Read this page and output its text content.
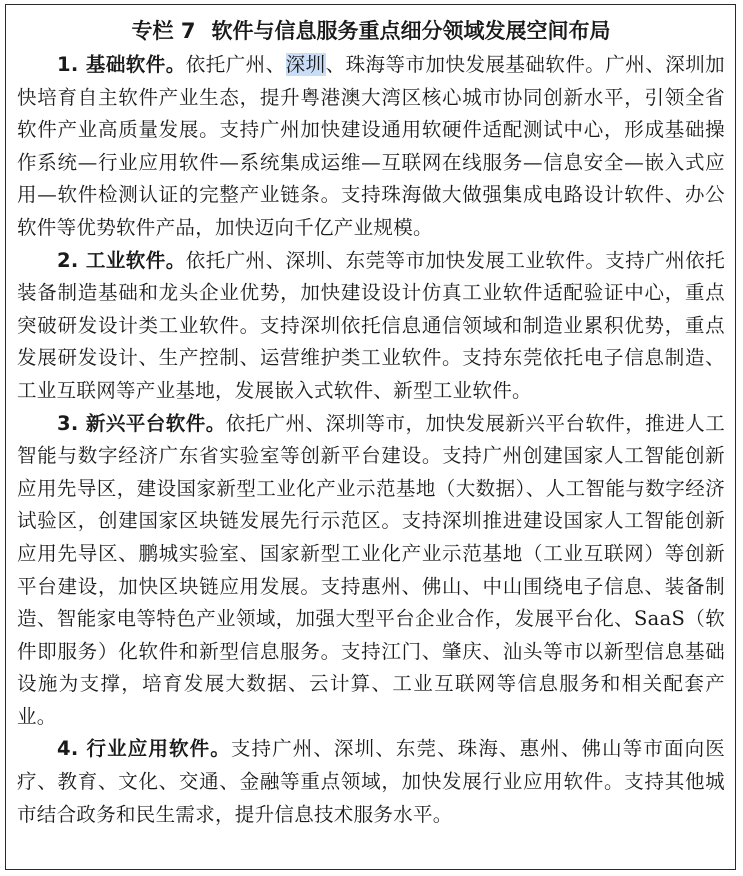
专栏 7 软件与信息服务重点细分领域发展空间布局

1. 基础软件。依托广州、深圳、珠海等市加快发展基础软件。广州、深圳加快培育自主软件产业生态，提升粤港澳大湾区核心城市协同创新水平，引领全省软件产业高质量发展。支持广州加快建设通用软硬件适配测试中心，形成基础操作系统—行业应用软件—系统集成运维—互联网在线服务—信息安全—嵌入式应用—软件检测认证的完整产业链条。支持珠海做大做强集成电路设计软件、办公软件等优势软件产品，加快迈向千亿产业规模。

2. 工业软件。依托广州、深圳、东莞等市加快发展工业软件。支持广州依托装备制造基础和龙头企业优势，加快建设设计仿真工业软件适配验证中心，重点突破研发设计类工业软件。支持深圳依托信息通信领域和制造业累积优势，重点发展研发设计、生产控制、运营维护类工业软件。支持东莞依托电子信息制造、工业互联网等产业基地，发展嵌入式软件、新型工业软件。

3. 新兴平台软件。依托广州、深圳等市，加快发展新兴平台软件，推进人工智能与数字经济广东省实验室等创新平台建设。支持广州创建国家人工智能创新应用先导区，建设国家新型工业化产业示范基地（大数据）、人工智能与数字经济试验区，创建国家区块链发展先行示范区。支持深圳推进建设国家人工智能创新应用先导区、鹏城实验室、国家新型工业化产业示范基地（工业互联网）等创新平台建设，加快区块链应用发展。支持惠州、佛山、中山围绕电子信息、装备制造、智能家电等特色产业领域，加强大型平台企业合作，发展平台化、SaaS（软件即服务）化软件和新型信息服务。支持江门、肇庆、汕头等市以新型信息基础设施为支撑，培育发展大数据、云计算、工业互联网等信息服务和相关配套产业。

4. 行业应用软件。支持广州、深圳、东莞、珠海、惠州、佛山等市面向医疗、教育、文化、交通、金融等重点领域，加快发展行业应用软件。支持其他城市结合政务和民生需求，提升信息技术服务水平。
